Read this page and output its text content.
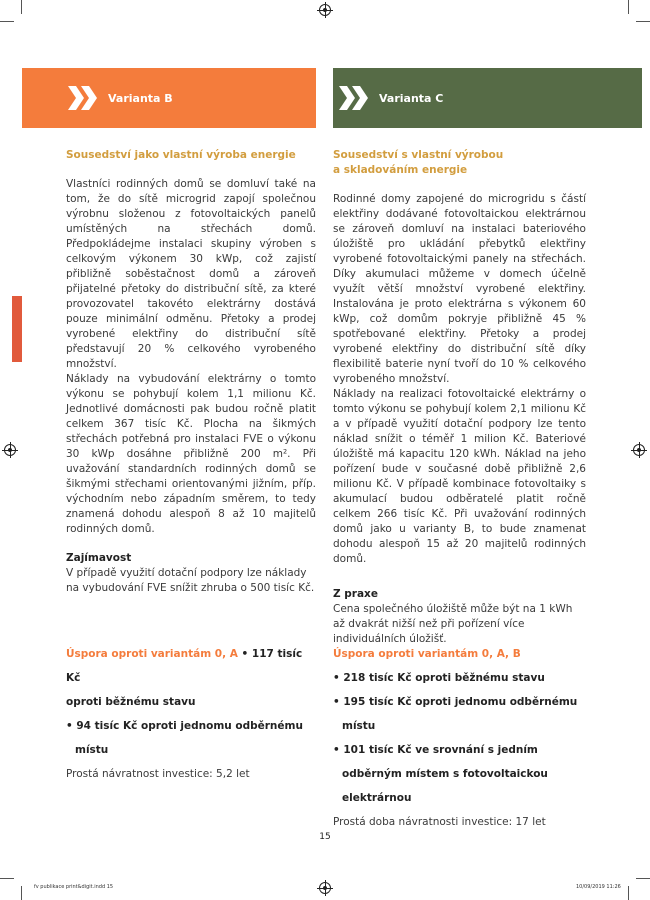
Varianta B	Varianta C
Sousedství jako vlastní výroba energie

Vlastníci rodinných domů se domluví také na tom, že do sítě microgrid zapojí společnou výrobnu složenou z fotovoltaických panelů umístěných na střechách domů. Předpokládejme instalaci skupiny výroben s celkovým výkonem 30 kWp, což zajistí přibližně soběstačnost domů a zároveň přijatelné přetoky do distribuční sítě, za které provozovatel takovéto elektrárny dostává pouze minimální odměnu. Přetoky a prodej vyrobené elektřiny do distribuční sítě představují 20 % celkového vyrobeného množství.

Náklady na vybudování elektrárny o tomto výkonu se pohybují kolem 1,1 milionu Kč. Jednotlivé domácnosti pak budou ročně platit celkem 367 tisíc Kč. Plocha na šikmých střechách potřebná pro instalaci FVE o výkonu 30 kWp dosáhne přibližně 200 m². Při uvažování standardních rodinných domů se šikmými střechami orientovanými jižním, příp. východním nebo západním směrem, to tedy znamená dohodu alespoň 8 až 10 majitelů rodinných domů.

Zajímavost
V případě využití dotační podpory lze náklady na vybudování FVE snížit zhruba o 500 tisíc Kč.
Sousedství s vlastní výrobou
a skladováním energie

Rodinné domy zapojené do microgridu s částí elektřiny dodávané fotovoltaickou elektrárnou se zároveň domluví na instalaci bateriového úložiště pro ukládání přebytků elektřiny vyrobené fotovoltaickými panely na střechách. Díky akumulaci můžeme v domech účelně využít větší množství vyrobené elektřiny. Instalována je proto elektrárna s výkonem 60 kWp, což domům pokryje přibližně 45 % spotřebované elektřiny. Přetoky a prodej vyrobené elektřiny do distribuční sítě díky flexibilitě baterie nyní tvoří do 10 % celkového vyrobeného množství.

Náklady na realizaci fotovoltaické elektrárny o tomto výkonu se pohybují kolem 2,1 milionu Kč a v případě využití dotační podpory lze tento náklad snížit o téměř 1 milion Kč. Bateriové úložiště má kapacitu 120 kWh. Náklad na jeho pořízení bude v současné době přibližně 2,6 milionu Kč. V případě kombinace fotovoltaiky s akumulací budou odběratelé platit ročně celkem 266 tisíc Kč. Při uvažování rodinných domů jako u varianty B, to bude znamenat dohodu alespoň 15 až 20 majitelů rodinných domů.

Z praxe
Cena společného úložiště může být na 1 kWh až dvakrát nižší než při pořízení více individuálních úložišť.
Úspora oproti variantám 0, A • 117 tisíc Kč
oproti běžnému stavu
• 94 tisíc Kč oproti jednomu odběrnému
místu
Prostá návratnost investice: 5,2 let
Úspora oproti variantám 0, A, B
• 218 tisíc Kč oproti běžnému stavu
• 195 tisíc Kč oproti jednomu odběrnému
místu
• 101 tisíc Kč ve srovnání s jedním
odběrným místem s fotovoltaickou
elektrárnou
Prostá doba návratnosti investice: 17 let
15
fv publikace print&digit.indd 15	10/09/2019 11:26
